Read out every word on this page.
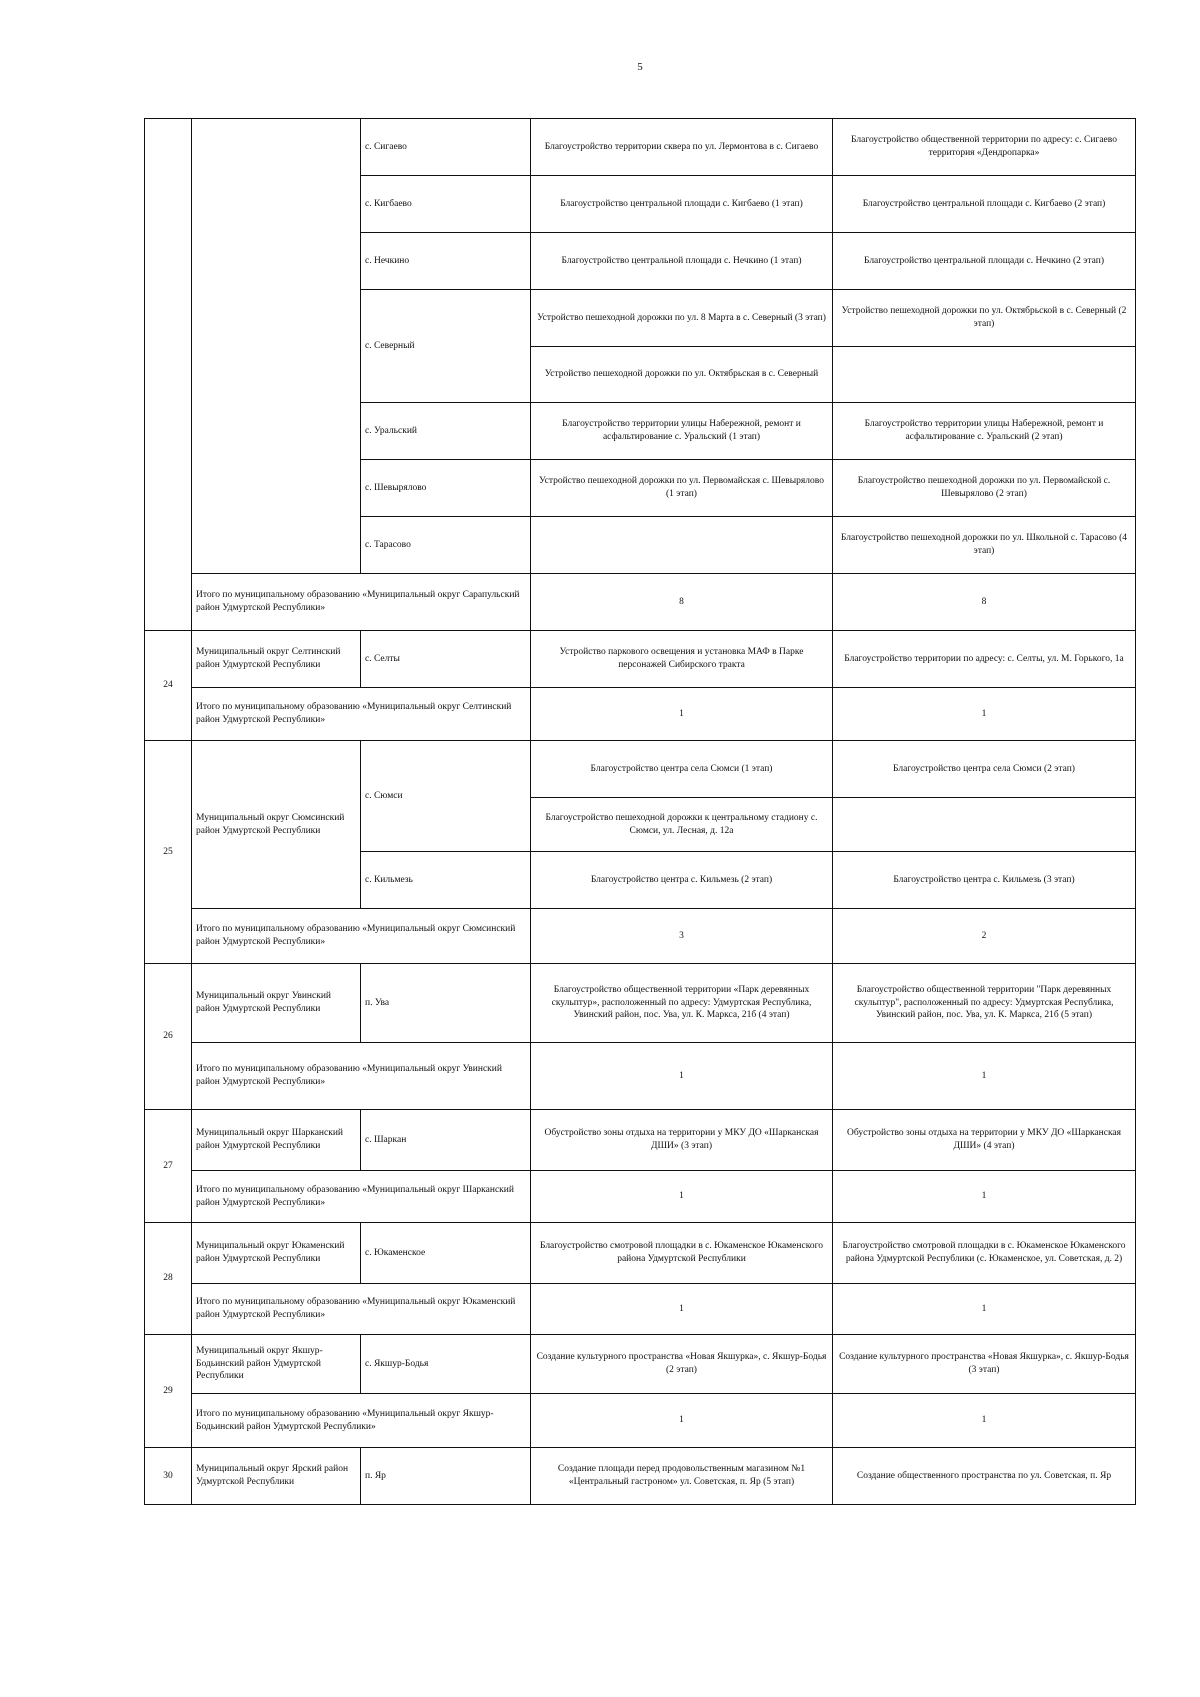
5
		с. Сигаево	Благоустройство территории сквера по ул. Лермонтова в с. Сигаево	Благоустройство общественной территории по адресу: с. Сигаево территория «Дендропарка»
		с. Кигбаево	Благоустройство центральной площади с. Кигбаево (1 этап)	Благоустройство центральной площади с. Кигбаево (2 этап)
		с. Нечкино	Благоустройство центральной площади с. Нечкино (1 этап)	Благоустройство центральной площади с. Нечкино (2 этап)
		с. Северный	Устройство пешеходной дорожки по ул. 8 Марта в с. Северный (3 этап)	Устройство пешеходной дорожки по ул. Октябрьской в с. Северный (2 этап)
			Устройство пешеходной дорожки по ул. Октябрьская в с. Северный	
		с. Уральский	Благоустройство территории улицы Набережной, ремонт и асфальтирование с. Уральский (1 этап)	Благоустройство территории улицы Набережной, ремонт и асфальтирование с. Уральский (2 этап)
		с. Шевырялово	Устройство пешеходной дорожки по ул. Первомайская с. Шевырялово (1 этап)	Благоустройство пешеходной дорожки по ул. Первомайской с. Шевырялово (2 этап)
		с. Тарасово		Благоустройство пешеходной дорожки по ул. Школьной с. Тарасово (4 этап)
	Итого по муниципальному образованию «Муниципальный округ Сарапульский район Удмуртской Республики»		8	8
24	Муниципальный округ Селтинский район Удмуртской Республики	с. Селты	Устройство паркового освещения и установка МАФ в Парке персонажей Сибирского тракта	Благоустройство территории по адресу: с. Селты, ул. М. Горького, 1а
	Итого по муниципальному образованию «Муниципальный округ Селтинский район Удмуртской Республики»		1	1
25	Муниципальный округ Сюмсинский район Удмуртской Республики	с. Сюмси	Благоустройство центра села Сюмси (1 этап)	Благоустройство центра села Сюмси (2 этап)
			Благоустройство пешеходной дорожки к центральному стадиону с. Сюмси, ул. Лесная, д. 12а	
		с. Кильмезь	Благоустройство центра с. Кильмезь (2 этап)	Благоустройство центра с. Кильмезь (3 этап)
	Итого по муниципальному образованию «Муниципальный округ Сюмсинский район Удмуртской Республики»		3	2
26	Муниципальный округ Увинский район Удмуртской Республики	п. Ува	Благоустройство общественной территории «Парк деревянных скульптур», расположенный по адресу: Удмуртская Республика, Увинский район, пос. Ува, ул. К. Маркса, 21б (4 этап)	Благоустройство общественной территории "Парк деревянных скульптур", расположенный по адресу: Удмуртская Республика, Увинский район, пос. Ува, ул. К. Маркса, 21б (5 этап)
	Итого по муниципальному образованию «Муниципальный округ Увинский район Удмуртской Республики»		1	1
27	Муниципальный округ Шарканский район Удмуртской Республики	с. Шаркан	Обустройство зоны отдыха на территории у МКУ ДО «Шарканская ДШИ» (3 этап)	Обустройство зоны отдыха на территории у МКУ ДО «Шарканская ДШИ» (4 этап)
	Итого по муниципальному образованию «Муниципальный округ Шарканский район Удмуртской Республики»		1	1
28	Муниципальный округ Юкаменский район Удмуртской Республики	с. Юкаменское	Благоустройство смотровой площадки в с. Юкаменское Юкаменского района Удмуртской Республики	Благоустройство смотровой площадки в с. Юкаменское Юкаменского района Удмуртской Республики (с. Юкаменское, ул. Советская, д. 2)
	Итого по муниципальному образованию «Муниципальный округ Юкаменский район Удмуртской Республики»		1	1
29	Муниципальный округ Якшур-Бодьинский район Удмуртской Республики	с. Якшур-Бодья	Создание культурного пространства «Новая Якшурка», с. Якшур-Бодья (2 этап)	Создание культурного пространства «Новая Якшурка», с. Якшур-Бодья (3 этап)
	Итого по муниципальному образованию «Муниципальный округ Якшур-Бодьинский район Удмуртской Республики»		1	1
30	Муниципальный округ Ярский район Удмуртской Республики	п. Яр	Создание площади перед продовольственным магазином №1 «Центральный гастроном» ул. Советская, п. Яр (5 этап)	Создание общественного пространства по ул. Советская, п. Яр
